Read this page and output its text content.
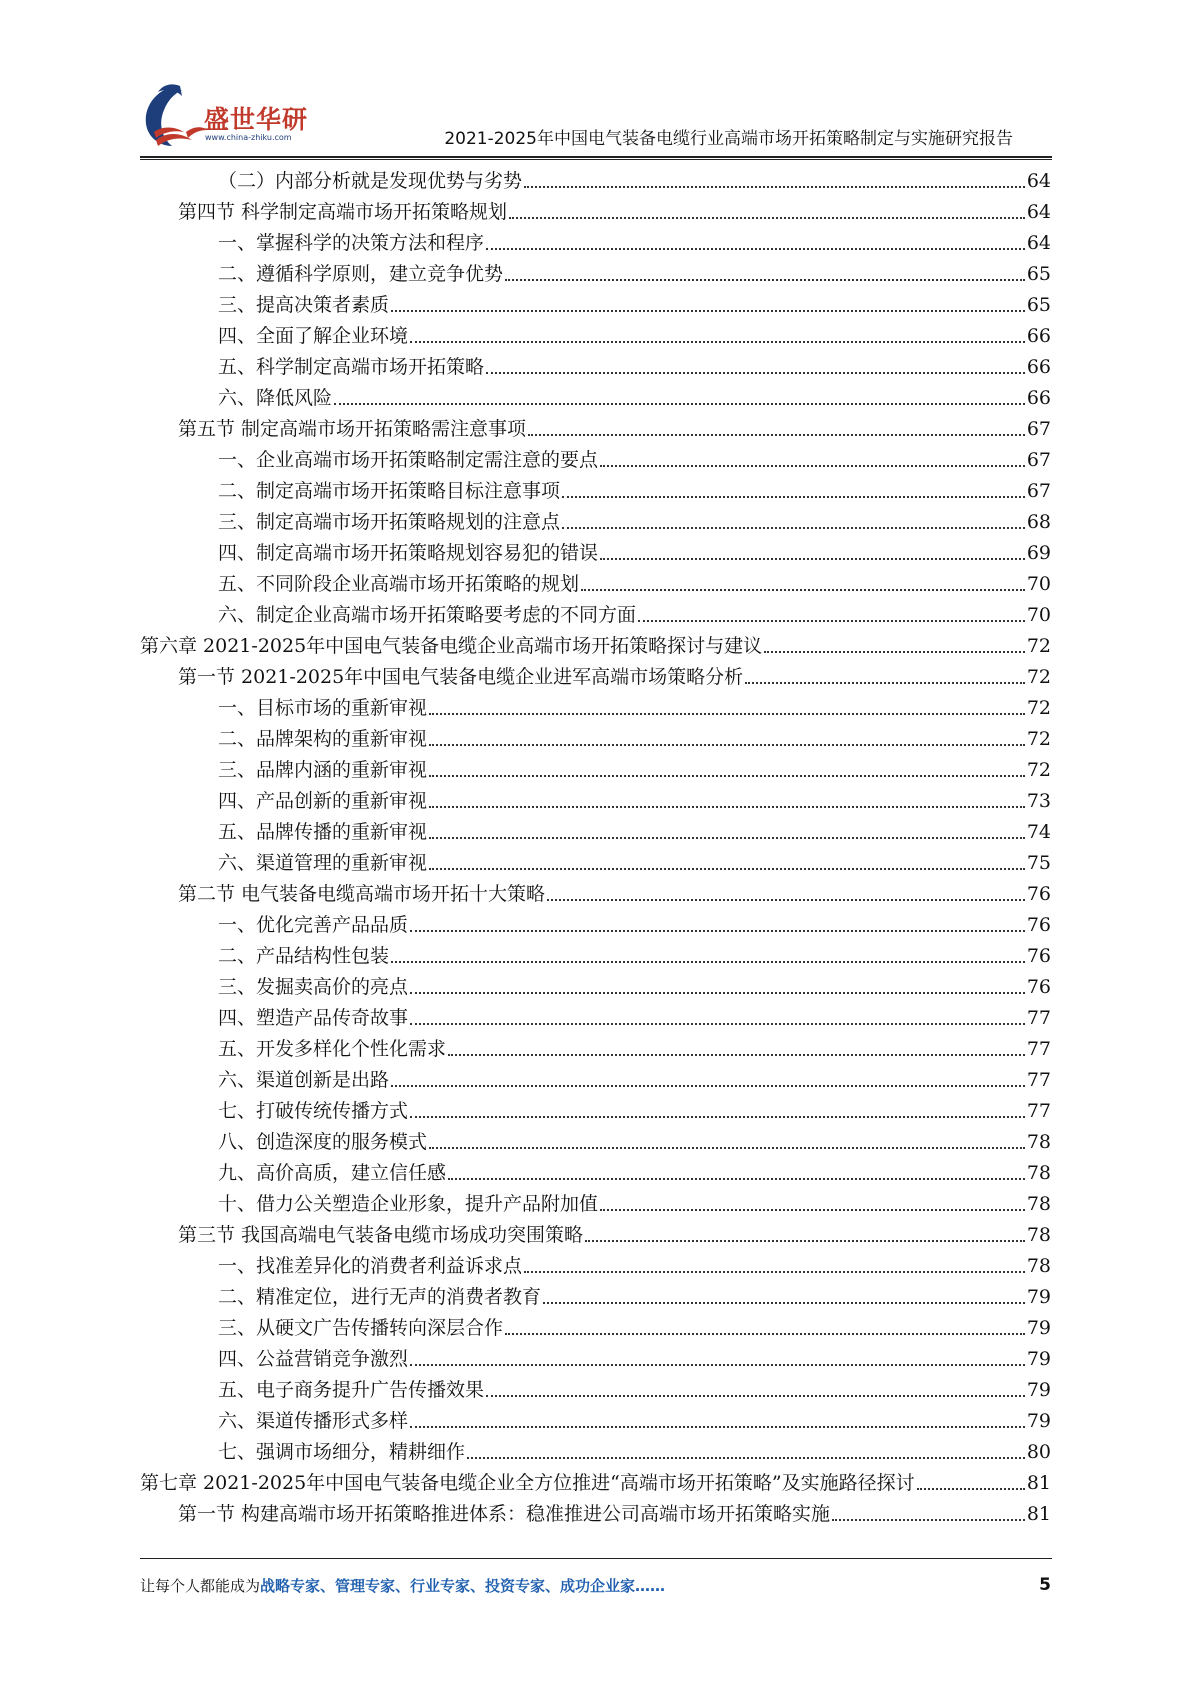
盛世华研
www.china-zhiku.com	2021-2025年中国电气装备电缆行业高端市场开拓策略制定与实施研究报告
（二）内部分析就是发现优势与劣势	64
第四节 科学制定高端市场开拓策略规划	64
一、掌握科学的决策方法和程序	64
二、遵循科学原则，建立竞争优势	65
三、提高决策者素质	65
四、全面了解企业环境	66
五、科学制定高端市场开拓策略	66
六、降低风险	66
第五节 制定高端市场开拓策略需注意事项	67
一、企业高端市场开拓策略制定需注意的要点	67
二、制定高端市场开拓策略目标注意事项	67
三、制定高端市场开拓策略规划的注意点	68
四、制定高端市场开拓策略规划容易犯的错误	69
五、不同阶段企业高端市场开拓策略的规划	70
六、制定企业高端市场开拓策略要考虑的不同方面	70
第六章 2021-2025年中国电气装备电缆企业高端市场开拓策略探讨与建议	72
第一节 2021-2025年中国电气装备电缆企业进军高端市场策略分析	72
一、目标市场的重新审视	72
二、品牌架构的重新审视	72
三、品牌内涵的重新审视	72
四、产品创新的重新审视	73
五、品牌传播的重新审视	74
六、渠道管理的重新审视	75
第二节 电气装备电缆高端市场开拓十大策略	76
一、优化完善产品品质	76
二、产品结构性包装	76
三、发掘卖高价的亮点	76
四、塑造产品传奇故事	77
五、开发多样化个性化需求	77
六、渠道创新是出路	77
七、打破传统传播方式	77
八、创造深度的服务模式	78
九、高价高质，建立信任感	78
十、借力公关塑造企业形象，提升产品附加值	78
第三节 我国高端电气装备电缆市场成功突围策略	78
一、找准差异化的消费者利益诉求点	78
二、精准定位，进行无声的消费者教育	79
三、从硬文广告传播转向深层合作	79
四、公益营销竞争激烈	79
五、电子商务提升广告传播效果	79
六、渠道传播形式多样	79
七、强调市场细分，精耕细作	80
第七章 2021-2025年中国电气装备电缆企业全方位推进“高端市场开拓策略”及实施路径探讨	81
第一节 构建高端市场开拓策略推进体系：稳准推进公司高端市场开拓策略实施	81
让每个人都能成为战略专家、管理专家、行业专家、投资专家、成功企业家……	5
